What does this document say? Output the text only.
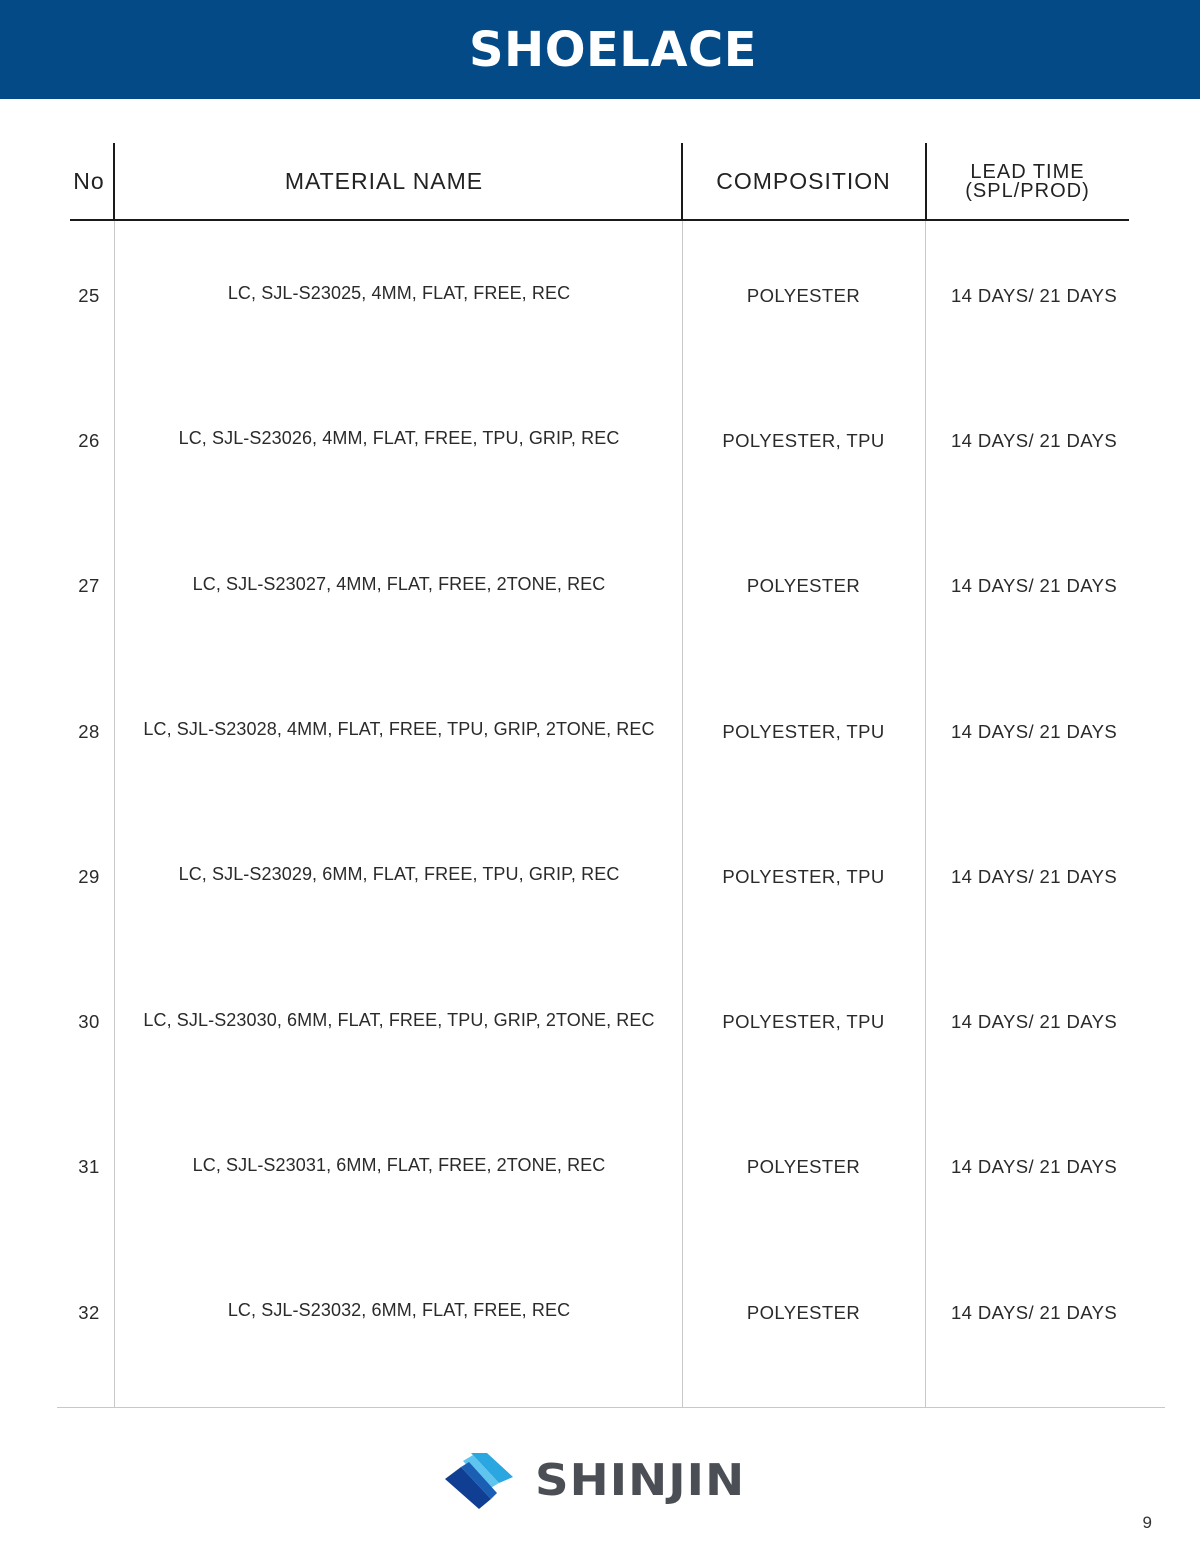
SHOELACE
No	MATERIAL NAME	COMPOSITION	LEAD TIME
(SPL/PROD)
25	LC, SJL-S23025, 4MM, FLAT, FREE, REC	POLYESTER	14 DAYS/ 21 DAYS
26	LC, SJL-S23026, 4MM, FLAT, FREE, TPU, GRIP, REC	POLYESTER, TPU	14 DAYS/ 21 DAYS
27	LC, SJL-S23027, 4MM, FLAT, FREE, 2TONE, REC	POLYESTER	14 DAYS/ 21 DAYS
28	LC, SJL-S23028, 4MM, FLAT, FREE, TPU, GRIP, 2TONE, REC	POLYESTER, TPU	14 DAYS/ 21 DAYS
29	LC, SJL-S23029, 6MM, FLAT, FREE, TPU, GRIP, REC	POLYESTER, TPU	14 DAYS/ 21 DAYS
30	LC, SJL-S23030, 6MM, FLAT, FREE, TPU, GRIP, 2TONE, REC	POLYESTER, TPU	14 DAYS/ 21 DAYS
31	LC, SJL-S23031, 6MM, FLAT, FREE, 2TONE, REC	POLYESTER	14 DAYS/ 21 DAYS
32	LC, SJL-S23032, 6MM, FLAT, FREE, REC	POLYESTER	14 DAYS/ 21 DAYS
SHINJIN
9
